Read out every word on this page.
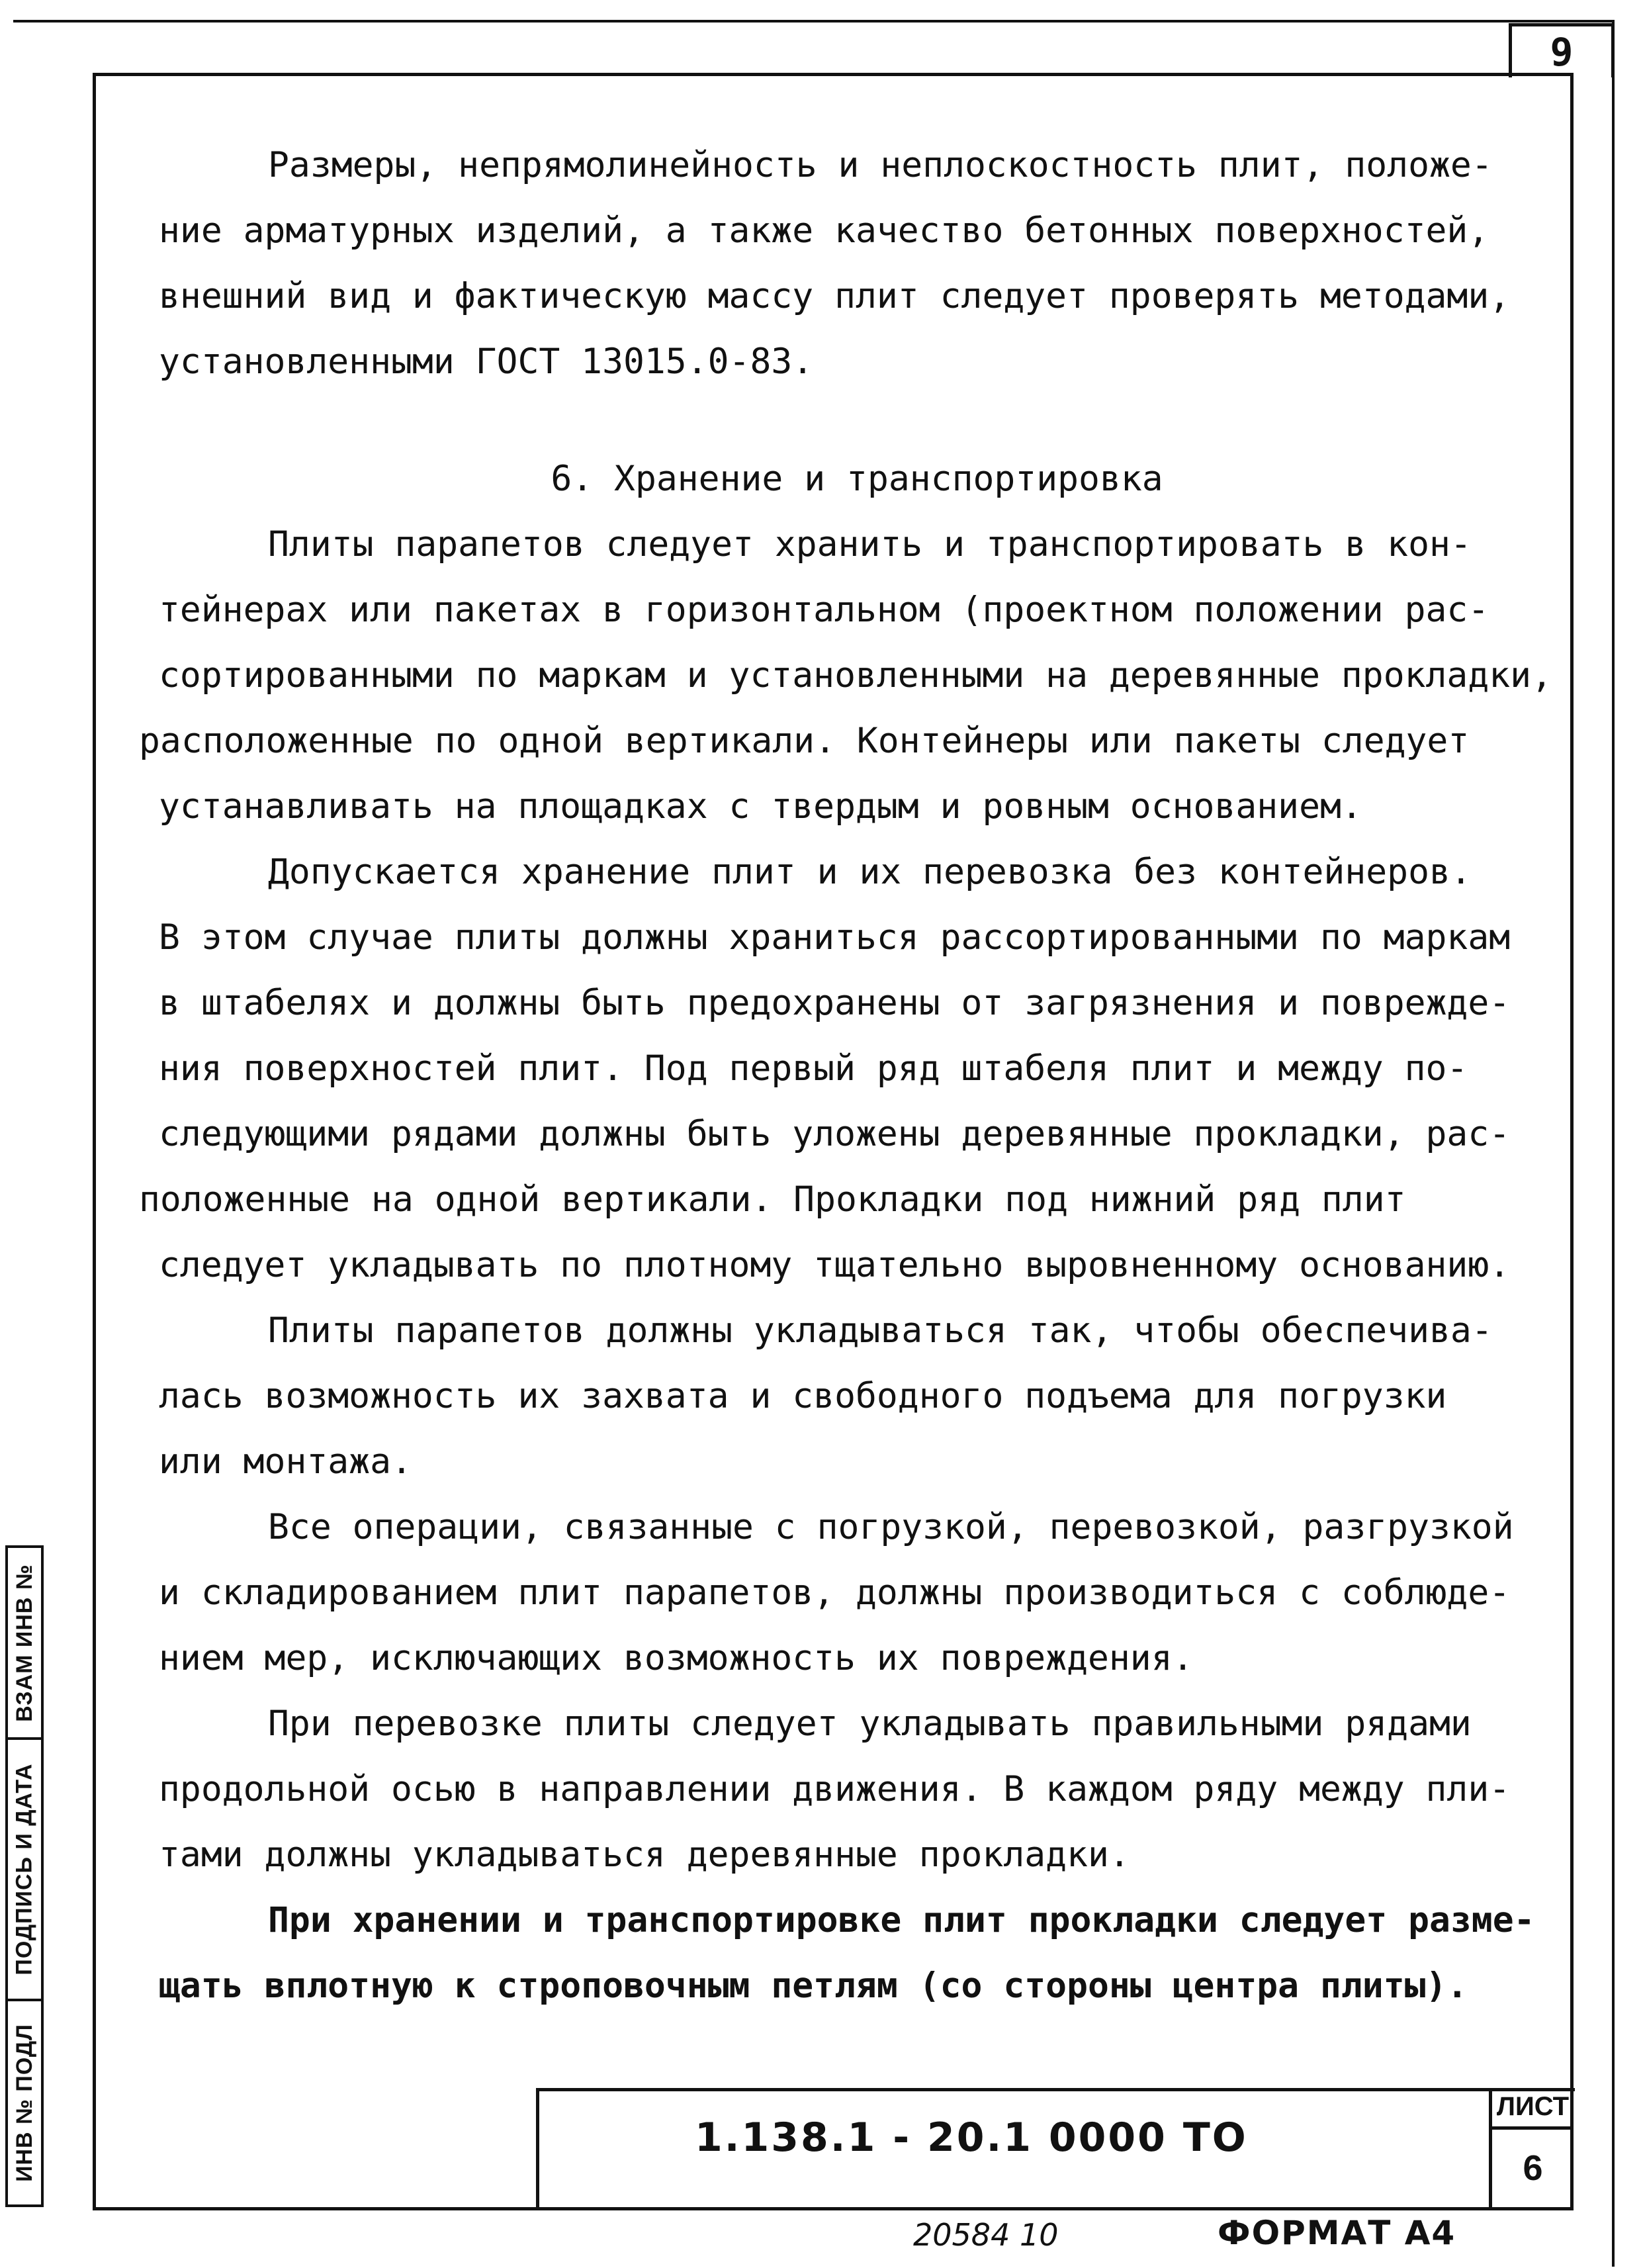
9

Размеры, непрямолинейность и неплоскостность плит, положе-
ние арматурных изделий, а также качество бетонных поверхностей,
внешний вид и фактическую массу плит следует проверять методами,
установленными ГОСТ 13015.0-83.

6. Хранение и транспортировка

Плиты парапетов следует хранить и транспортировать в кон-
тейнерах или пакетах в горизонтальном (проектном положении рас-
сортированными по маркам и установленными на деревянные прокладки,
расположенные по одной вертикали. Контейнеры или пакеты следует
устанавливать на площадках с твердым и ровным основанием.

Допускается хранение плит и их перевозка без контейнеров.
В этом случае плиты должны храниться рассортированными по маркам
в штабелях и должны быть предохранены от загрязнения и поврежде-
ния поверхностей плит. Под первый ряд штабеля плит и между по-
следующими рядами должны быть уложены деревянные прокладки, рас-
положенные на одной вертикали. Прокладки под нижний ряд плит
следует укладывать по плотному тщательно выровненному основанию.

Плиты парапетов должны укладываться так, чтобы обеспечива-
лась возможность их захвата и свободного подъема для погрузки
или монтажа.

Все операции, связанные с погрузкой, перевозкой, разгрузкой
и складированием плит парапетов, должны производиться с соблюде-
нием мер, исключающих возможность их повреждения.

При перевозке плиты следует укладывать правильными рядами
продольной осью в направлении движения. В каждом ряду между пли-
тами должны укладываться деревянные прокладки.

При хранении и транспортировке плит прокладки следует разме-
щать вплотную к строповочным петлям (со стороны центра плиты).

ВЗАМ ИНВ №
ПОДПИСЬ И ДАТА
ИНВ № ПОДЛ	1.138.1 - 20.1 0000 ТО
ЛИСТ
6
20584 10	ФОРМАТ А4
